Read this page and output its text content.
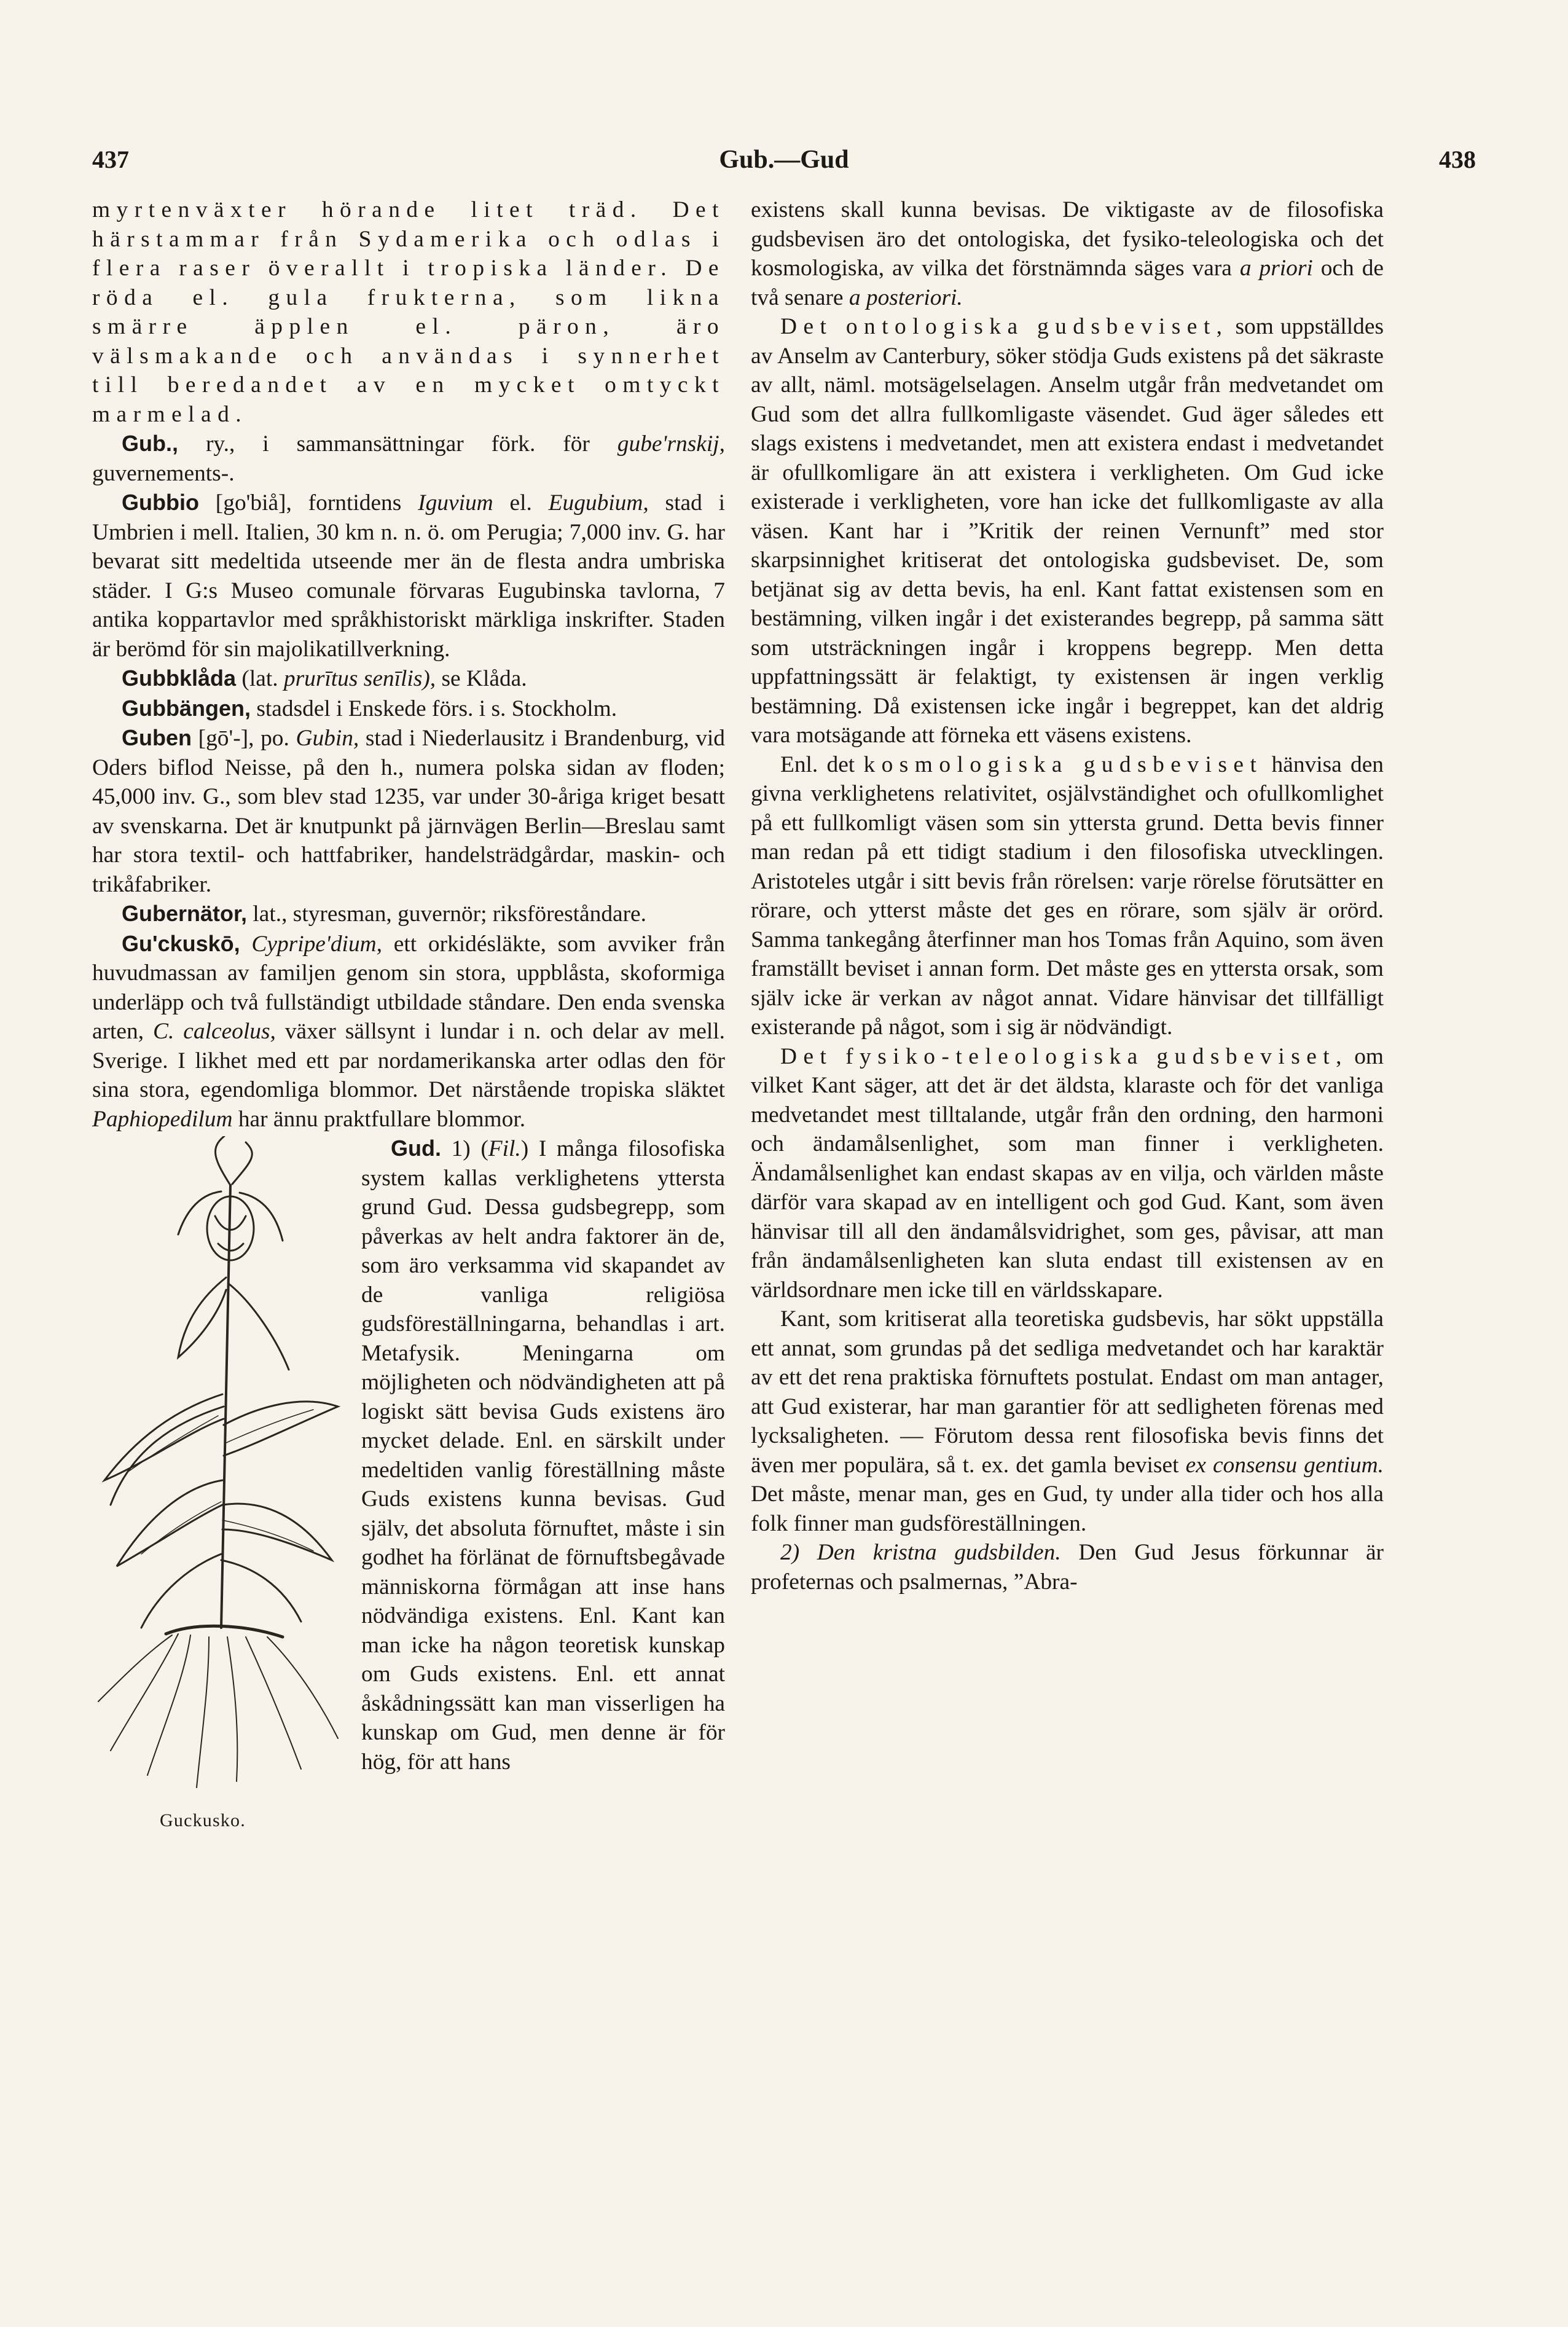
437	Gub.—Gud	438

myrtenväxter hörande litet träd. Det härstammar från Sydamerika och odlas i flera raser överallt i tropiska länder. De röda el. gula frukterna, som likna smärre äpplen el. päron, äro välsmakande och användas i synnerhet till beredandet av en mycket omtyckt marmelad.

Gub., ry., i sammansättningar förk. för gube'rnskij, guvernements-.

Gubbio [go'biå], forntidens Iguvium el. Eugubium, stad i Umbrien i mell. Italien, 30 km n. n. ö. om Perugia; 7,000 inv. G. har bevarat sitt medeltida utseende mer än de flesta andra umbriska städer. I G:s Museo comunale förvaras Eugubinska tavlorna, 7 antika koppartavlor med språkhistoriskt märkliga inskrifter. Staden är berömd för sin majolikatillverkning.

Gubbklåda (lat. prurītus senīlis), se Klåda.

Gubbängen, stadsdel i Enskede förs. i s. Stockholm.

Guben [gō'-], po. Gubin, stad i Niederlausitz i Brandenburg, vid Oders biflod Neisse, på den h., numera polska sidan av floden; 45,000 inv. G., som blev stad 1235, var under 30-åriga kriget besatt av svenskarna. Det är knutpunkt på järnvägen Berlin—Breslau samt har stora textil- och hattfabriker, handelsträdgårdar, maskin- och trikåfabriker.

Gubernätor, lat., styresman, guvernör; riksföreståndare.

Gu'ckuskō, Cypripe'dium, ett orkidésläkte, som avviker från huvudmassan av familjen genom sin stora, uppblåsta, skoformiga underläpp och två fullständigt utbildade ståndare. Den enda svenska arten, C. calceolus, växer sällsynt i lundar i n. och delar av mell. Sverige. I likhet med ett par nordamerikanska arter odlas den för sina stora, egendomliga blommor. Det närstående tropiska släktet Paphiopedilum har ännu praktfullare blommor.

Guckusko.

Gud. 1) (Fil.) I många filosofiska system kallas verklighetens yttersta grund Gud. Dessa gudsbegrepp, som påverkas av helt andra faktorer än de, som äro verksamma vid skapandet av de vanliga religiösa gudsföreställningarna, behandlas i art. Metafysik. Meningarna om möjligheten och nödvändigheten att på logiskt sätt bevisa Guds existens äro mycket delade. Enl. en särskilt under medeltiden vanlig föreställning måste Guds existens kunna bevisas. Gud själv, det absoluta förnuftet, måste i sin godhet ha förlänat de förnuftsbegåvade människorna förmågan att inse hans nödvändiga existens. Enl. Kant kan man icke ha någon teoretisk kunskap om Guds existens. Enl. ett annat åskådningssätt kan man visserligen ha kunskap om Gud, men denne är för hög, för att hans

existens skall kunna bevisas. De viktigaste av de filosofiska gudsbevisen äro det ontologiska, det fysiko-teleologiska och det kosmologiska, av vilka det förstnämnda säges vara a priori och de två senare a posteriori.

Det ontologiska gudsbeviset, som uppställdes av Anselm av Canterbury, söker stödja Guds existens på det säkraste av allt, näml. motsägelselagen. Anselm utgår från medvetandet om Gud som det allra fullkomligaste väsendet. Gud äger således ett slags existens i medvetandet, men att existera endast i medvetandet är ofullkomligare än att existera i verkligheten. Om Gud icke existerade i verkligheten, vore han icke det fullkomligaste av alla väsen. Kant har i ”Kritik der reinen Vernunft” med stor skarpsinnighet kritiserat det ontologiska gudsbeviset. De, som betjänat sig av detta bevis, ha enl. Kant fattat existensen som en bestämning, vilken ingår i det existerandes begrepp, på samma sätt som utsträckningen ingår i kroppens begrepp. Men detta uppfattningssätt är felaktigt, ty existensen är ingen verklig bestämning. Då existensen icke ingår i begreppet, kan det aldrig vara motsägande att förneka ett väsens existens.

Enl. det kosmologiska gudsbeviset hänvisa den givna verklighetens relativitet, osjälvständighet och ofullkomlighet på ett fullkomligt väsen som sin yttersta grund. Detta bevis finner man redan på ett tidigt stadium i den filosofiska utvecklingen. Aristoteles utgår i sitt bevis från rörelsen: varje rörelse förutsätter en rörare, och ytterst måste det ges en rörare, som själv är orörd. Samma tankegång återfinner man hos Tomas från Aquino, som även framställt beviset i annan form. Det måste ges en yttersta orsak, som själv icke är verkan av något annat. Vidare hänvisar det tillfälligt existerande på något, som i sig är nödvändigt.

Det fysiko-teleologiska gudsbeviset, om vilket Kant säger, att det är det äldsta, klaraste och för det vanliga medvetandet mest tilltalande, utgår från den ordning, den harmoni och ändamålsenlighet, som man finner i verkligheten. Ändamålsenlighet kan endast skapas av en vilja, och världen måste därför vara skapad av en intelligent och god Gud. Kant, som även hänvisar till all den ändamålsvidrighet, som ges, påvisar, att man från ändamålsenligheten kan sluta endast till existensen av en världsordnare men icke till en världsskapare.

Kant, som kritiserat alla teoretiska gudsbevis, har sökt uppställa ett annat, som grundas på det sedliga medvetandet och har karaktär av ett det rena praktiska förnuftets postulat. Endast om man antager, att Gud existerar, har man garantier för att sedligheten förenas med lycksaligheten. — Förutom dessa rent filosofiska bevis finns det även mer populära, så t. ex. det gamla beviset ex consensu gentium. Det måste, menar man, ges en Gud, ty under alla tider och hos alla folk finner man gudsföreställningen.

2) Den kristna gudsbilden. Den Gud Jesus förkunnar är profeternas och psalmernas, ”Abra-
